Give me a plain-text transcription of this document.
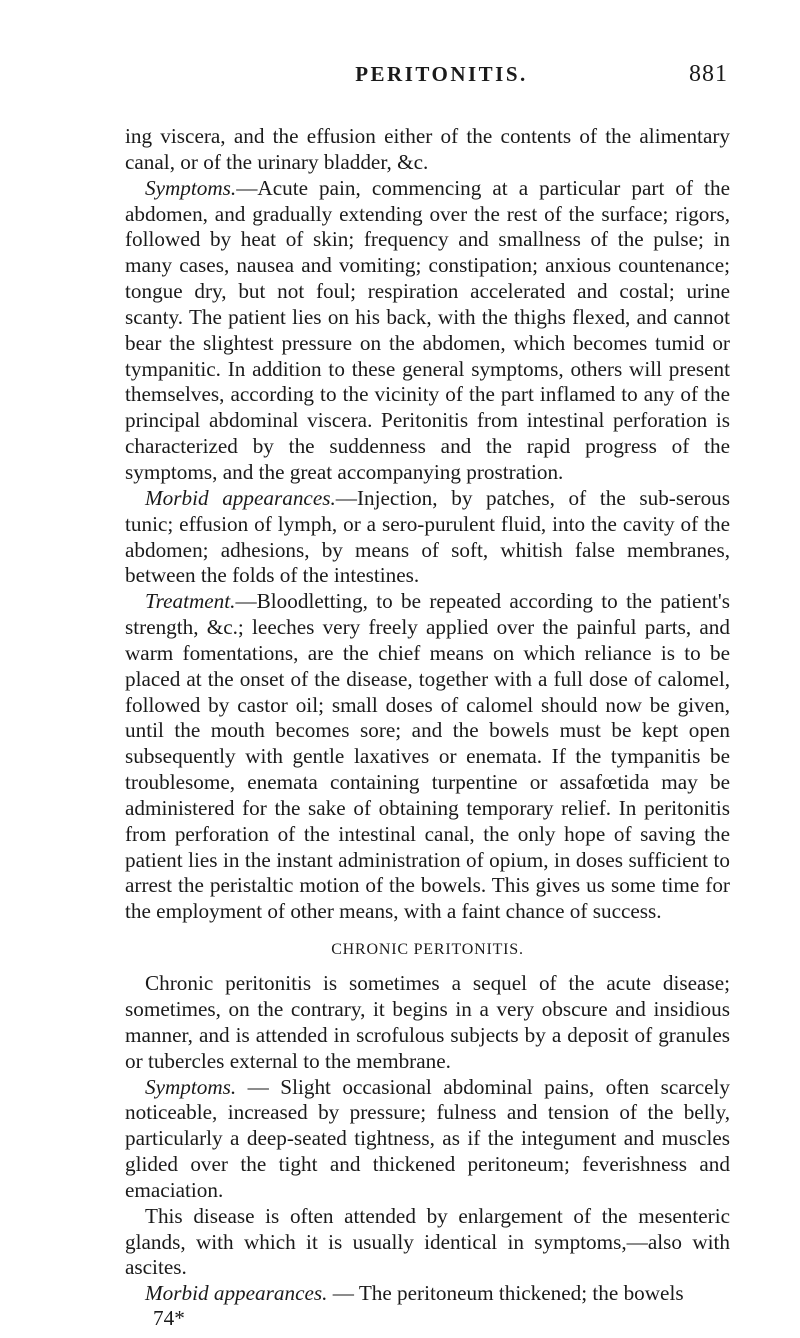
PERITONITIS.	881

ing viscera, and the effusion either of the contents of the alimentary canal, or of the urinary bladder, &c.

Symptoms.—Acute pain, commencing at a particular part of the abdomen, and gradually extending over the rest of the surface; rigors, followed by heat of skin; frequency and smallness of the pulse; in many cases, nausea and vomiting; constipation; anxious countenance; tongue dry, but not foul; respiration accelerated and costal; urine scanty. The patient lies on his back, with the thighs flexed, and cannot bear the slightest pressure on the abdomen, which becomes tumid or tympanitic. In addition to these general symptoms, others will present themselves, according to the vicinity of the part inflamed to any of the principal abdominal viscera. Peritonitis from intestinal perforation is characterized by the suddenness and the rapid progress of the symptoms, and the great accompanying prostration.

Morbid appearances.—Injection, by patches, of the sub-serous tunic; effusion of lymph, or a sero-purulent fluid, into the cavity of the abdomen; adhesions, by means of soft, whitish false membranes, between the folds of the intestines.

Treatment.—Bloodletting, to be repeated according to the patient's strength, &c.; leeches very freely applied over the painful parts, and warm fomentations, are the chief means on which reliance is to be placed at the onset of the disease, together with a full dose of calomel, followed by castor oil; small doses of calomel should now be given, until the mouth becomes sore; and the bowels must be kept open subsequently with gentle laxatives or enemata. If the tympanitis be troublesome, enemata containing turpentine or assafœtida may be administered for the sake of obtaining temporary relief. In peritonitis from perforation of the intestinal canal, the only hope of saving the patient lies in the instant administration of opium, in doses sufficient to arrest the peristaltic motion of the bowels. This gives us some time for the employment of other means, with a faint chance of success.

CHRONIC PERITONITIS.

Chronic peritonitis is sometimes a sequel of the acute disease; sometimes, on the contrary, it begins in a very obscure and insidious manner, and is attended in scrofulous subjects by a deposit of granules or tubercles external to the membrane.

Symptoms. — Slight occasional abdominal pains, often scarcely noticeable, increased by pressure; fulness and tension of the belly, particularly a deep-seated tightness, as if the integument and muscles glided over the tight and thickened peritoneum; feverishness and emaciation.

This disease is often attended by enlargement of the mesenteric glands, with which it is usually identical in symptoms,—also with ascites.

Morbid appearances. — The peritoneum thickened; the bowels

74*
